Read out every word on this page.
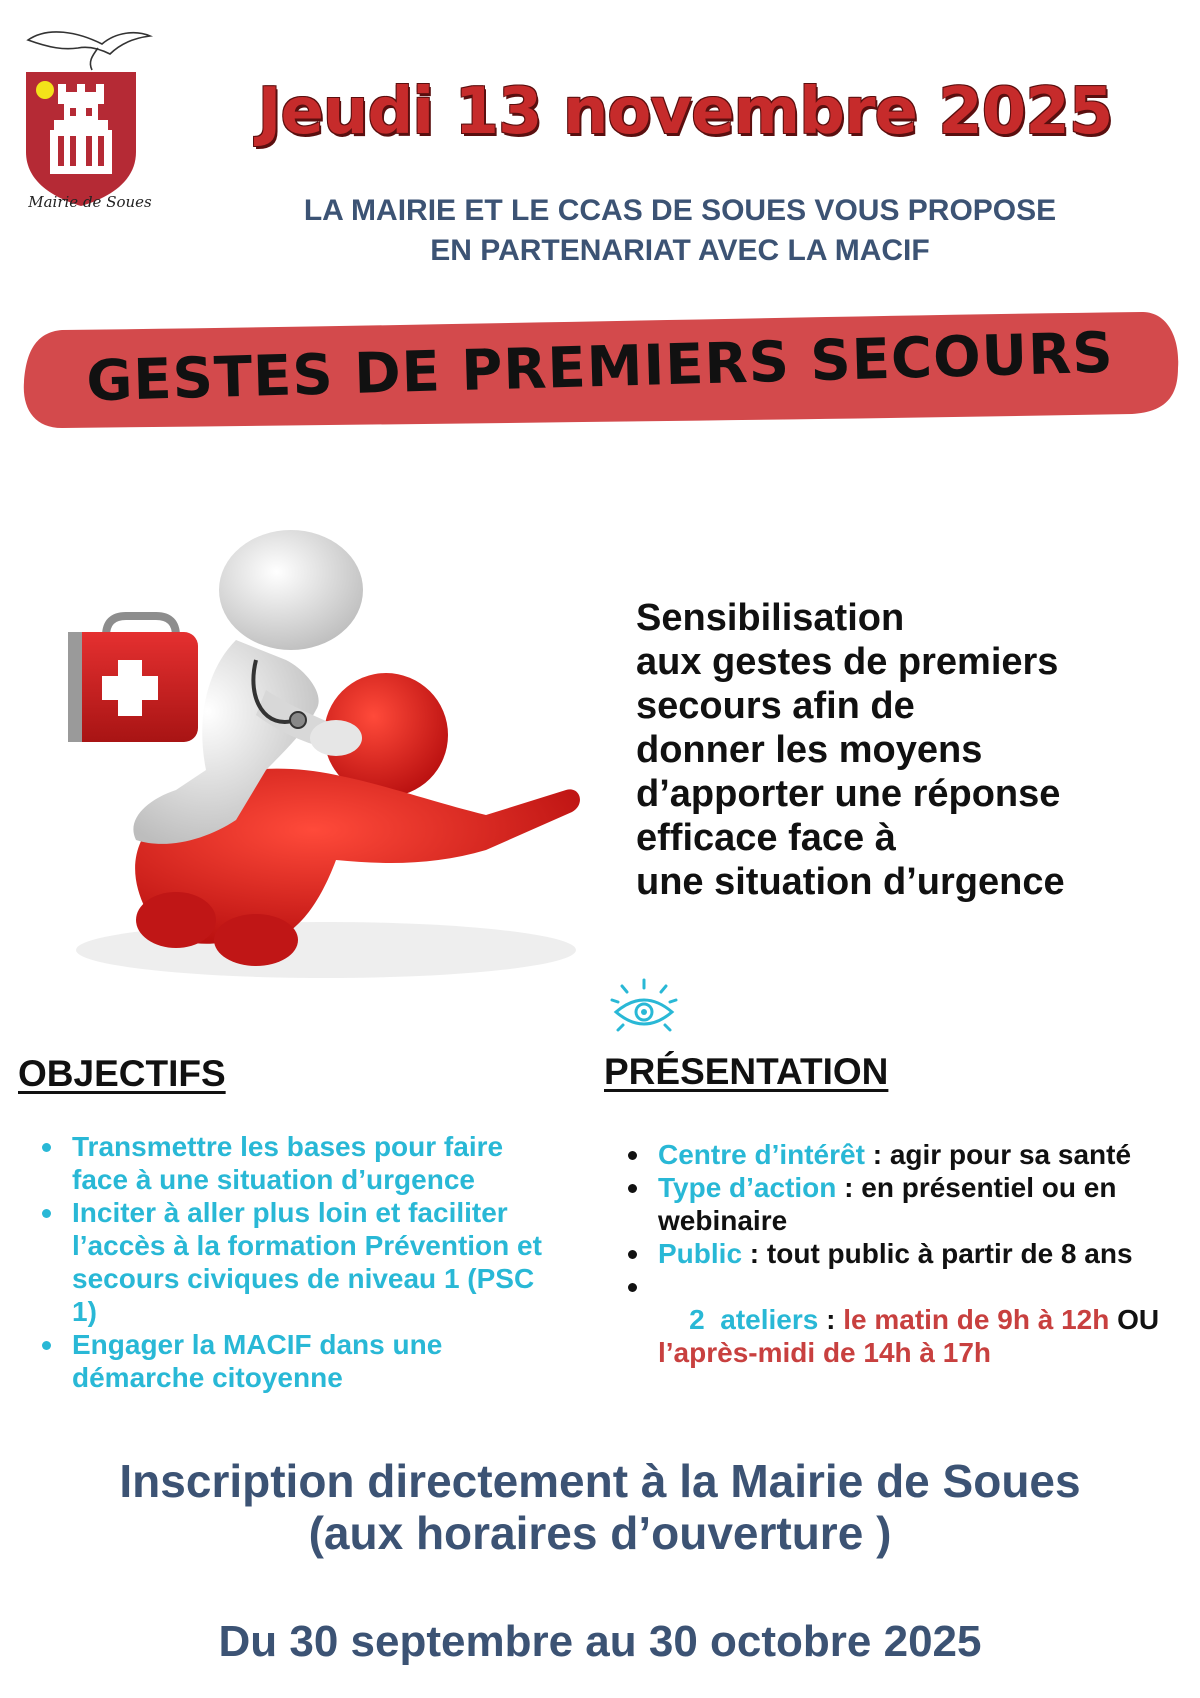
Mairie de Soues
Jeudi 13 novembre 2025
LA MAIRIE ET LE CCAS DE SOUES VOUS PROPOSE
EN PARTENARIAT AVEC LA MACIF
GESTES DE PREMIERS SECOURS
Sensibilisation
aux gestes de premiers
secours afin de
donner les moyens
d’apporter une réponse
efficace face à
une situation d’urgence
OBJECTIFS
Transmettre les bases pour faire face à une situation d’urgence
Inciter à aller plus loin et faciliter l’accès à la formation Prévention et secours civiques de niveau 1 (PSC 1)
Engager la MACIF dans une démarche citoyenne
PRÉSENTATION
Centre d’intérêt : agir pour sa santé
Type d’action : en présentiel ou en webinaire
Public : tout public à partir de 8 ans

2  ateliers : le matin de 9h à 12h OU l’après-midi de 14h à 17h

Inscription directement à la Mairie de Soues
(aux horaires d’ouverture )
Du 30 septembre au 30 octobre 2025
